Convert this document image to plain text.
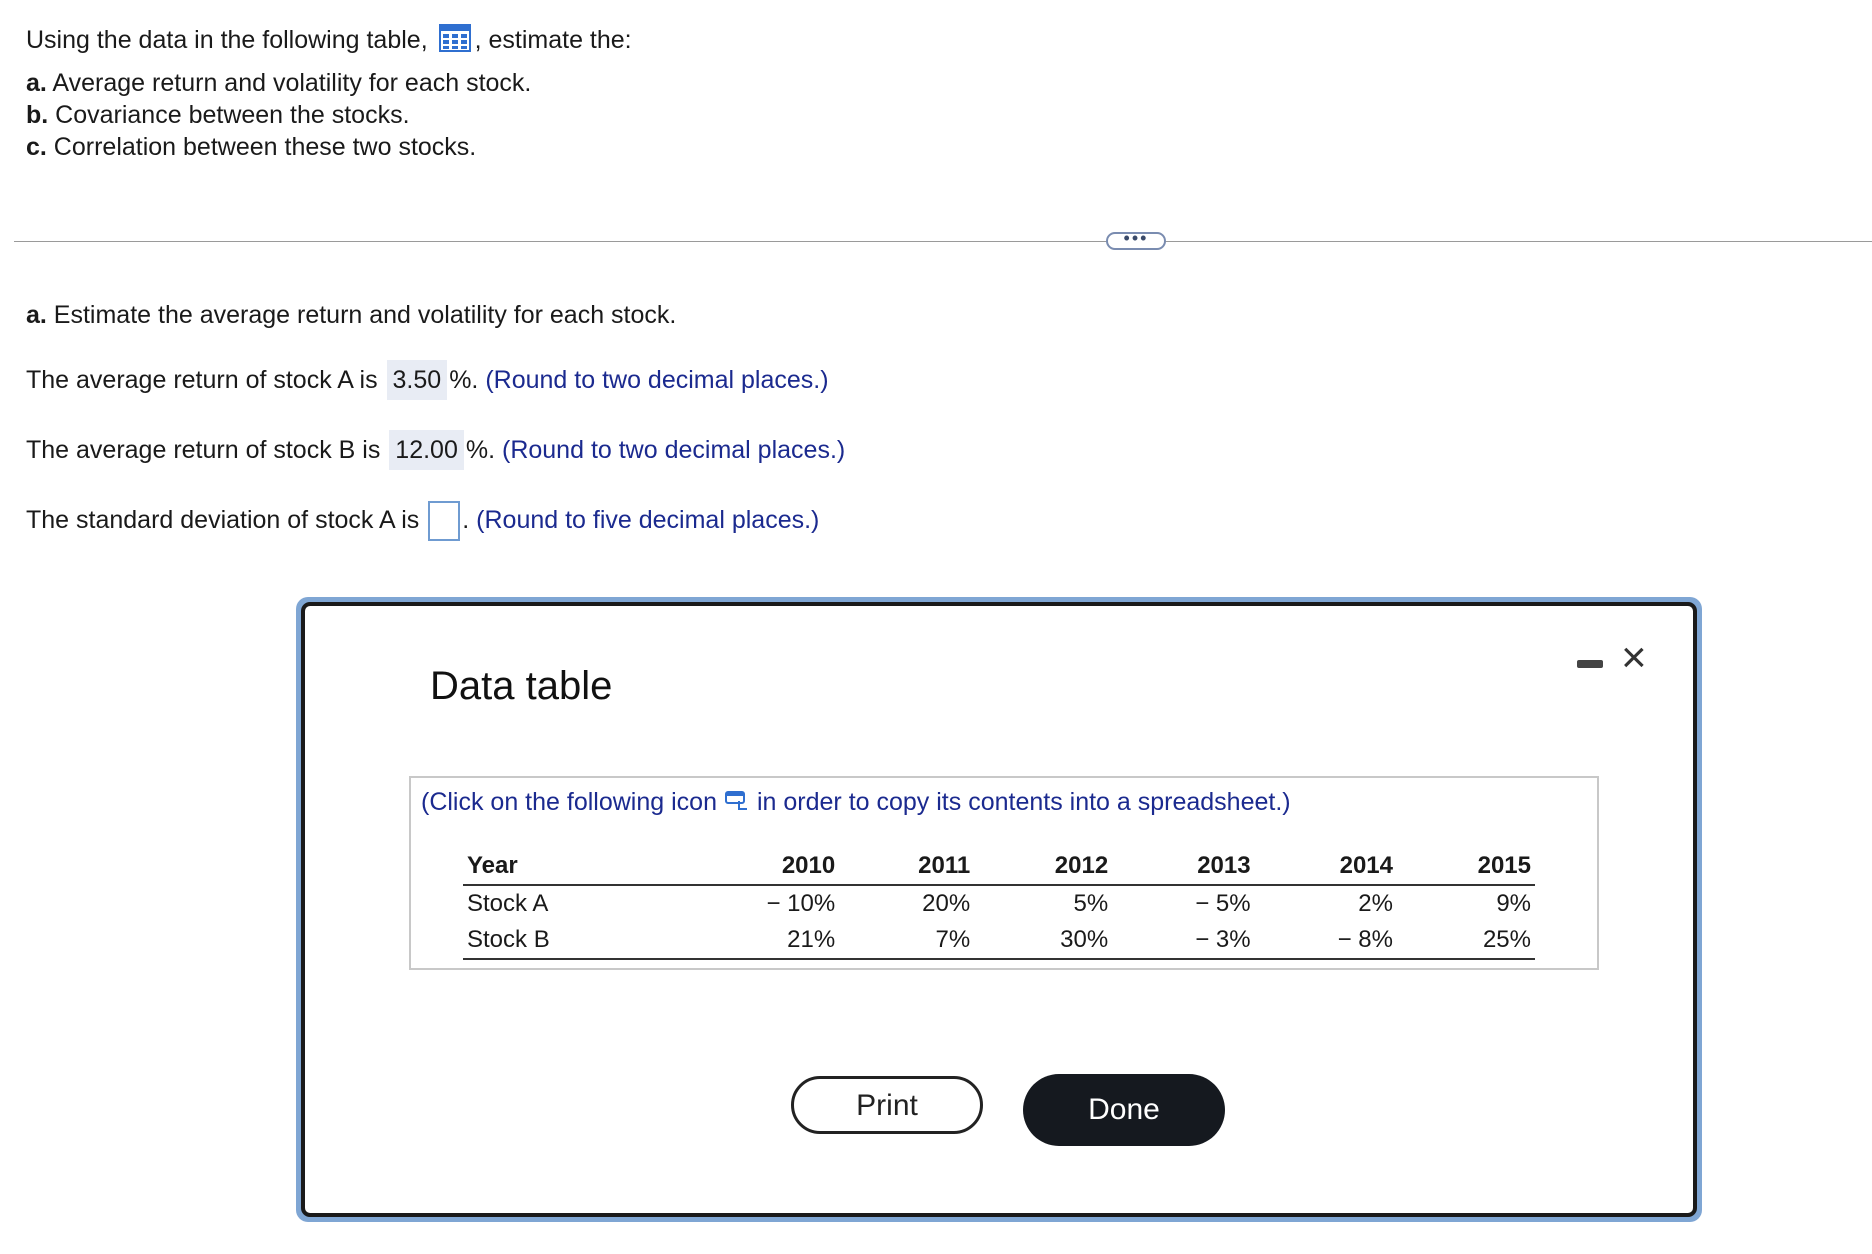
Using the data in the following table, , estimate the:
a. Average return and volatility for each stock.
b. Covariance between the stocks.
c. Correlation between these two stocks.
•••
a. Estimate the average return and volatility for each stock.
The average return of stock A is 3.50 %. (Round to two decimal places.)
The average return of stock B is 12.00 %. (Round to two decimal places.)
The standard deviation of stock A is . (Round to five decimal places.)
Data table
×
(Click on the following icon in order to copy its contents into a spreadsheet.)
Year	2010	2011	2012	2013	2014	2015
Stock A	− 10%	20%	5%	− 5%	2%	9%
Stock B	21%	7%	30%	− 3%	− 8%	25%
Print	Done
